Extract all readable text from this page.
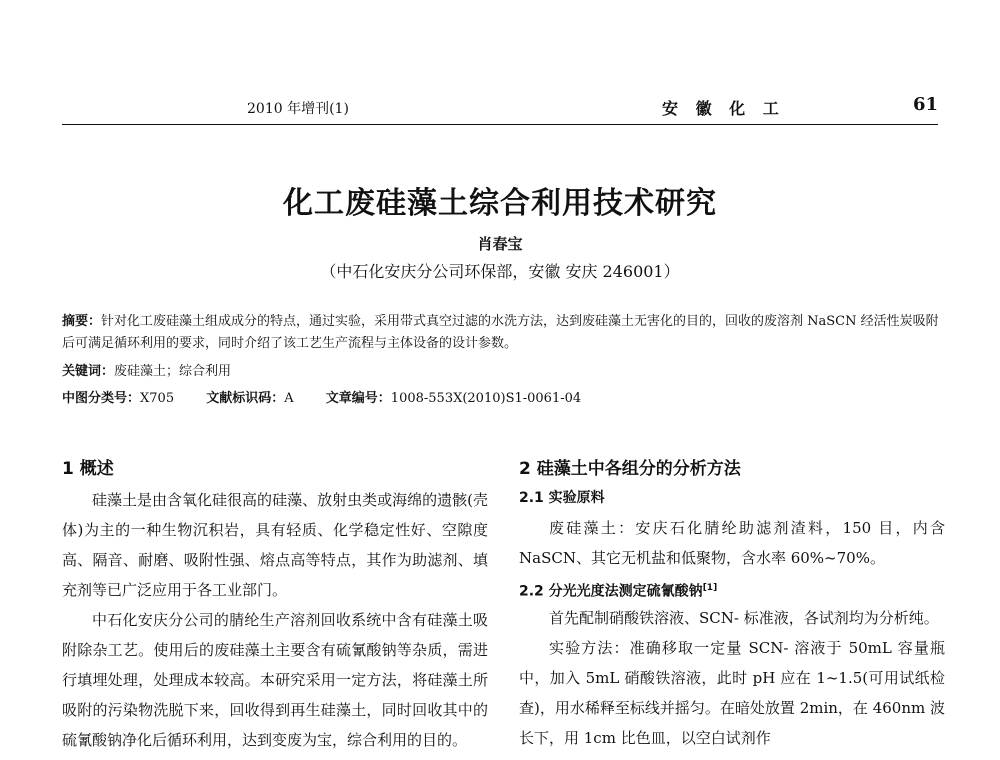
2010 年增刊(1)	安 徽 化 工	61
化工废硅藻土综合利用技术研究
肖春宝
（中石化安庆分公司环保部，安徽 安庆 246001）
摘要：针对化工废硅藻土组成成分的特点，通过实验，采用带式真空过滤的水洗方法，达到废硅藻土无害化的目的，回收的废溶剂 NaSCN 经活性炭吸附后可满足循环利用的要求，同时介绍了该工艺生产流程与主体设备的设计参数。
关键词：废硅藻土；综合利用
中图分类号：X705 文献标识码：A 文章编号：1008-553X(2010)S1-0061-04
1 概述
硅藻土是由含氧化硅很高的硅藻、放射虫类或海绵的遗骸(壳体)为主的一种生物沉积岩，具有轻质、化学稳定性好、空隙度高、隔音、耐磨、吸附性强、熔点高等特点，其作为助滤剂、填充剂等已广泛应用于各工业部门。
中石化安庆分公司的腈纶生产溶剂回收系统中含有硅藻土吸附除杂工艺。使用后的废硅藻土主要含有硫氰酸钠等杂质，需进行填埋处理，处理成本较高。本研究采用一定方法，将硅藻土所吸附的污染物洗脱下来，回收得到再生硅藻土，同时回收其中的硫氰酸钠净化后循环利用，达到变废为宝，综合利用的目的。
2 硅藻土中各组分的分析方法
2.1 实验原料
废硅藻土：安庆石化腈纶助滤剂渣料，150 目，内含 NaSCN、其它无机盐和低聚物，含水率 60%~70%。
2.2 分光光度法测定硫氰酸钠[1]
首先配制硝酸铁溶液、SCN- 标准液，各试剂均为分析纯。
实验方法：准确移取一定量 SCN- 溶液于 50mL 容量瓶中，加入 5mL 硝酸铁溶液，此时 pH 应在 1~1.5(可用试纸检查)，用水稀释至标线并摇匀。在暗处放置 2min，在 460nm 波长下，用 1cm 比色皿，以空白试剂作
